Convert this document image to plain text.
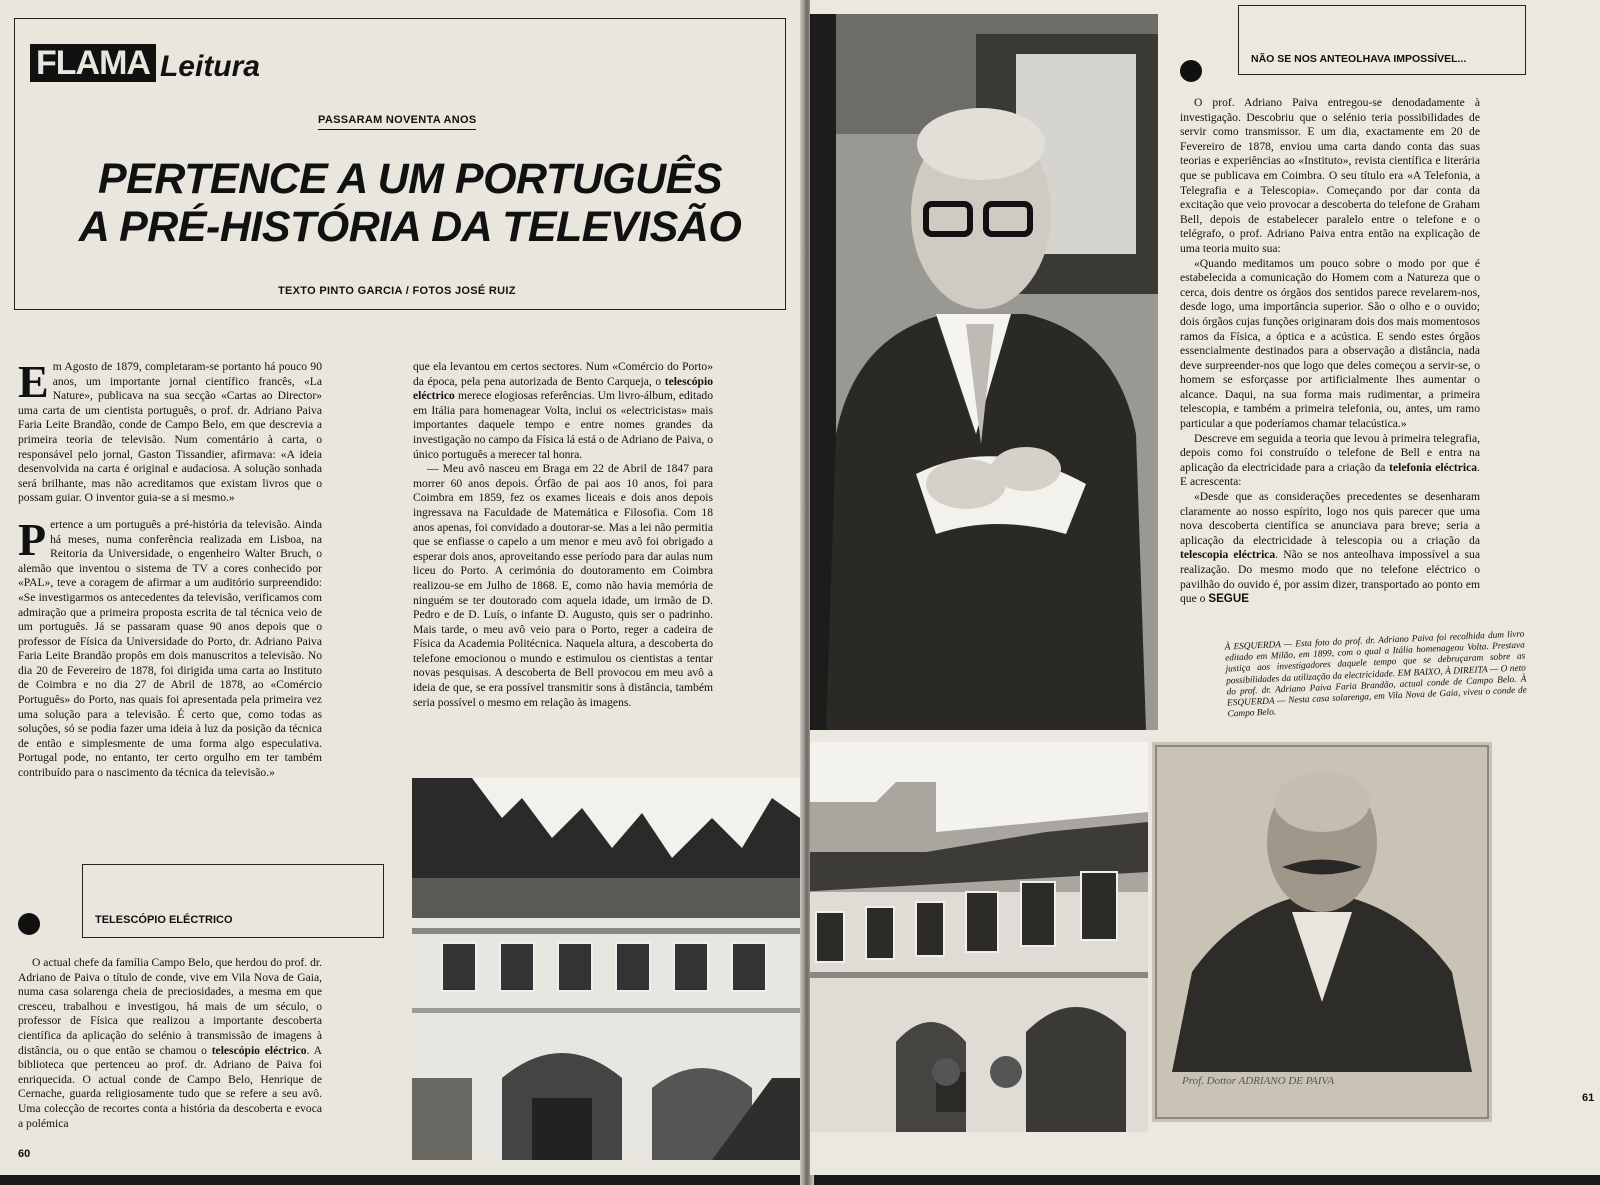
FLAMA Leitura
PASSARAM NOVENTA ANOS
PERTENCE A UM PORTUGUÊS
A PRÉ-HISTÓRIA DA TELEVISÃO
TEXTO PINTO GARCIA / FOTOS JOSÉ RUIZ

Em Agosto de 1879, completaram-se portanto há pouco 90 anos, um importante jornal científico francês, «La Nature», publicava na sua secção «Cartas ao Director» uma carta de um cientista português, o prof. dr. Adriano Paiva Faria Leite Brandão, conde de Campo Belo, em que descrevia a primeira teoria de televisão. Num comentário à carta, o responsável pelo jornal, Gaston Tissandier, afirmava: «A ideia desenvolvida na carta é original e audaciosa. A solução sonhada será brilhante, mas não acreditamos que existam livros que o possam guiar. O inventor guia-se a si mesmo.»

Pertence a um português a pré-história da televisão. Ainda há meses, numa conferência realizada em Lisboa, na Reitoria da Universidade, o engenheiro Walter Bruch, o alemão que inventou o sistema de TV a cores conhecido por «PAL», teve a coragem de afirmar a um auditório surpreendido: «Se investigarmos os antecedentes da televisão, verificamos com admiração que a primeira proposta escrita de tal técnica veio de um português. Já se passaram quase 90 anos depois que o professor de Física da Universidade do Porto, dr. Adriano Paiva Faria Leite Brandão propôs em dois manuscritos a televisão. No dia 20 de Fevereiro de 1878, foi dirigida uma carta ao Instituto de Coimbra e no dia 27 de Abril de 1878, ao «Comércio Português» do Porto, nas quais foi apresentada pela primeira vez uma solução para a televisão. É certo que, como todas as soluções, só se podia fazer uma ideia à luz da posição da técnica de então e simplesmente de uma forma algo especulativa. Portugal pode, no entanto, ter certo orgulho em ter também contribuído para o nascimento da técnica da televisão.»

TELESCÓPIO ELÉCTRICO

O actual chefe da família Campo Belo, que herdou do prof. dr. Adriano de Paiva o título de conde, vive em Vila Nova de Gaia, numa casa solarenga cheia de preciosidades, a mesma em que cresceu, trabalhou e investigou, há mais de um século, o professor de Física que realizou a importante descoberta científica da aplicação do selénio à transmissão de imagens à distância, ou o que então se chamou o telescópio eléctrico. A biblioteca que pertenceu ao prof. dr. Adriano de Paiva foi enriquecida. O actual conde de Campo Belo, Henrique de Cernache, guarda religiosamente tudo que se refere a seu avô. Uma colecção de recortes conta a história da descoberta e evoca a polémica

60

que ela levantou em certos sectores. Num «Comércio do Porto» da época, pela pena autorizada de Bento Carqueja, o telescópio eléctrico merece elogiosas referências. Um livro-álbum, editado em Itália para homenagear Volta, inclui os «electricistas» mais importantes daquele tempo e entre nomes grandes da investigação no campo da Física lá está o de Adriano de Paiva, o único português a merecer tal honra.

— Meu avô nasceu em Braga em 22 de Abril de 1847 para morrer 60 anos depois. Órfão de pai aos 10 anos, foi para Coimbra em 1859, fez os exames liceais e dois anos depois ingressava na Faculdade de Matemática e Filosofia. Com 18 anos apenas, foi convidado a doutorar-se. Mas a lei não permitia que se enfiasse o capelo a um menor e meu avô foi obrigado a esperar dois anos, aproveitando esse período para dar aulas num liceu do Porto. A cerimónia do doutoramento em Coimbra realizou-se em Julho de 1868. E, como não havia memória de ninguém se ter doutorado com aquela idade, um irmão de D. Pedro e de D. Luís, o infante D. Augusto, quis ser o padrinho. Mais tarde, o meu avô veio para o Porto, reger a cadeira de Física da Academia Politécnica. Naquela altura, a descoberta do telefone emocionou o mundo e estimulou os cientistas a tentar novas pesquisas. A descoberta de Bell provocou em meu avô a ideia de que, se era possível transmitir sons à distância, também seria possível o mesmo em relação às imagens.

NÃO SE NOS ANTEOLHAVA IMPOSSÍVEL...

O prof. Adriano Paiva entregou-se denodadamente à investigação. Descobriu que o selénio teria possibilidades de servir como transmissor. E um dia, exactamente em 20 de Fevereiro de 1878, enviou uma carta dando conta das suas teorias e experiências ao «Instituto», revista científica e literária que se publicava em Coimbra. O seu título era «A Telefonia, a Telegrafia e a Telescopia». Começando por dar conta da excitação que veio provocar a descoberta do telefone de Graham Bell, depois de estabelecer paralelo entre o telefone e o telégrafo, o prof. Adriano Paiva entra então na explicação de uma teoria muito sua:

«Quando meditamos um pouco sobre o modo por que é estabelecida a comunicação do Homem com a Natureza que o cerca, dois dentre os órgãos dos sentidos parece revelarem-nos, desde logo, uma importância superior. São o olho e o ouvido; dois órgãos cujas funções originaram dois dos mais momentosos ramos da Física, a óptica e a acústica. E sendo estes órgãos essencialmente destinados para a observação a distância, nada deve surpreender-nos que logo que deles começou a servir-se, o homem se esforçasse por artificialmente lhes aumentar o alcance. Daqui, na sua forma mais rudimentar, a primeira telescopia, e também a primeira telefonia, ou, antes, um ramo particular a que poderíamos chamar telacústica.»

Descreve em seguida a teoria que levou à primeira telegrafia, depois como foi construído o telefone de Bell e entra na aplicação da electricidade para a criação da telefonia eléctrica. E acrescenta:

«Desde que as considerações precedentes se desenharam claramente ao nosso espírito, logo nos quis parecer que uma nova descoberta científica se anunciava para breve; seria a aplicação da electricidade à telescopia ou a criação da telescopia eléctrica. Não se nos anteolhava impossível a sua realização. Do mesmo modo que no telefone eléctrico o pavilhão do ouvido é, por assim dizer, transportado ao ponto em que o SEGUE

À ESQUERDA — Esta foto do prof. dr. Adriano Paiva foi recolhida dum livro editado em Milão, em 1899, com o qual a Itália homenageou Volta. Prestava justiça aos investigadores daquele tempo que se debruçaram sobre as possibilidades da utilização da electricidade. EM BAIXO, À DIREITA — O neto do prof. dr. Adriano Paiva Faria Brandão, actual conde de Campo Belo. À ESQUERDA — Nesta casa solarenga, em Vila Nova de Gaia, viveu o conde de Campo Belo.
Prof. Dottor ADRIANO DE PAIVA
61
